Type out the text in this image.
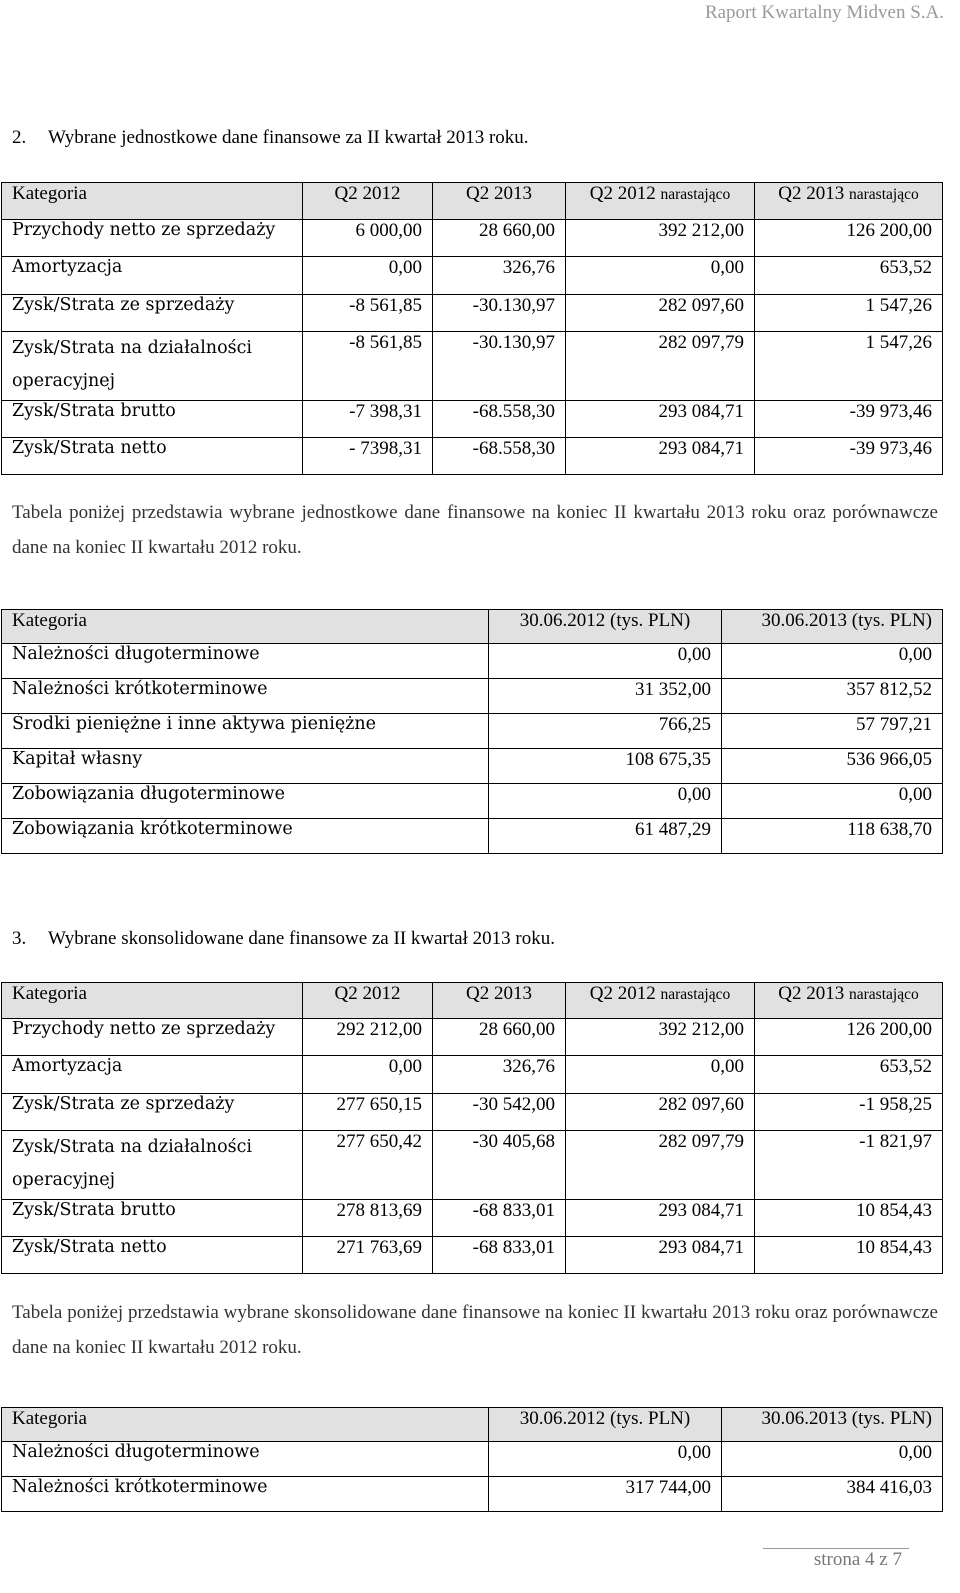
Raport Kwartalny Midven S.A.
2. Wybrane jednostkowe dane finansowe za II kwartał 2013 roku.
Kategoria	Q2 2012	Q2 2013	Q2 2012 narastająco	Q2 2013 narastająco
Przychody netto ze sprzedaży	6 000,00	28 660,00	392 212,00	126 200,00
Amortyzacja	0,00	326,76	0,00	653,52
Zysk/Strata ze sprzedaży	-8 561,85	-30.130,97	282 097,60	1 547,26
Zysk/Strata na działalności operacyjnej	-8 561,85	-30.130,97	282 097,79	1 547,26
Zysk/Strata brutto	-7 398,31	-68.558,30	293 084,71	-39 973,46
Zysk/Strata netto	- 7398,31	-68.558,30	293 084,71	-39 973,46

Tabela poniżej przedstawia wybrane jednostkowe dane finansowe na koniec II kwartału 2013 roku oraz porównawcze dane na koniec II kwartału 2012 roku.

Kategoria	30.06.2012 (tys. PLN)	30.06.2013 (tys. PLN)
Należności długoterminowe	0,00	0,00
Należności krótkoterminowe	31 352,00	357 812,52
Środki pieniężne i inne aktywa pieniężne	766,25	57 797,21
Kapitał własny	108 675,35	536 966,05
Zobowiązania długoterminowe	0,00	0,00
Zobowiązania krótkoterminowe	61 487,29	118 638,70
3. Wybrane skonsolidowane dane finansowe za II kwartał 2013 roku.
Kategoria	Q2 2012	Q2 2013	Q2 2012 narastająco	Q2 2013 narastająco
Przychody netto ze sprzedaży	292 212,00	28 660,00	392 212,00	126 200,00
Amortyzacja	0,00	326,76	0,00	653,52
Zysk/Strata ze sprzedaży	277 650,15	-30 542,00	282 097,60	-1 958,25
Zysk/Strata na działalności operacyjnej	277 650,42	-30 405,68	282 097,79	-1 821,97
Zysk/Strata brutto	278 813,69	-68 833,01	293 084,71	10 854,43
Zysk/Strata netto	271 763,69	-68 833,01	293 084,71	10 854,43

Tabela poniżej przedstawia wybrane skonsolidowane dane finansowe na koniec II kwartału 2013 roku oraz porównawcze dane na koniec II kwartału 2012 roku.

Kategoria	30.06.2012 (tys. PLN)	30.06.2013 (tys. PLN)
Należności długoterminowe	0,00	0,00
Należności krótkoterminowe	317 744,00	384 416,03
strona 4 z 7
